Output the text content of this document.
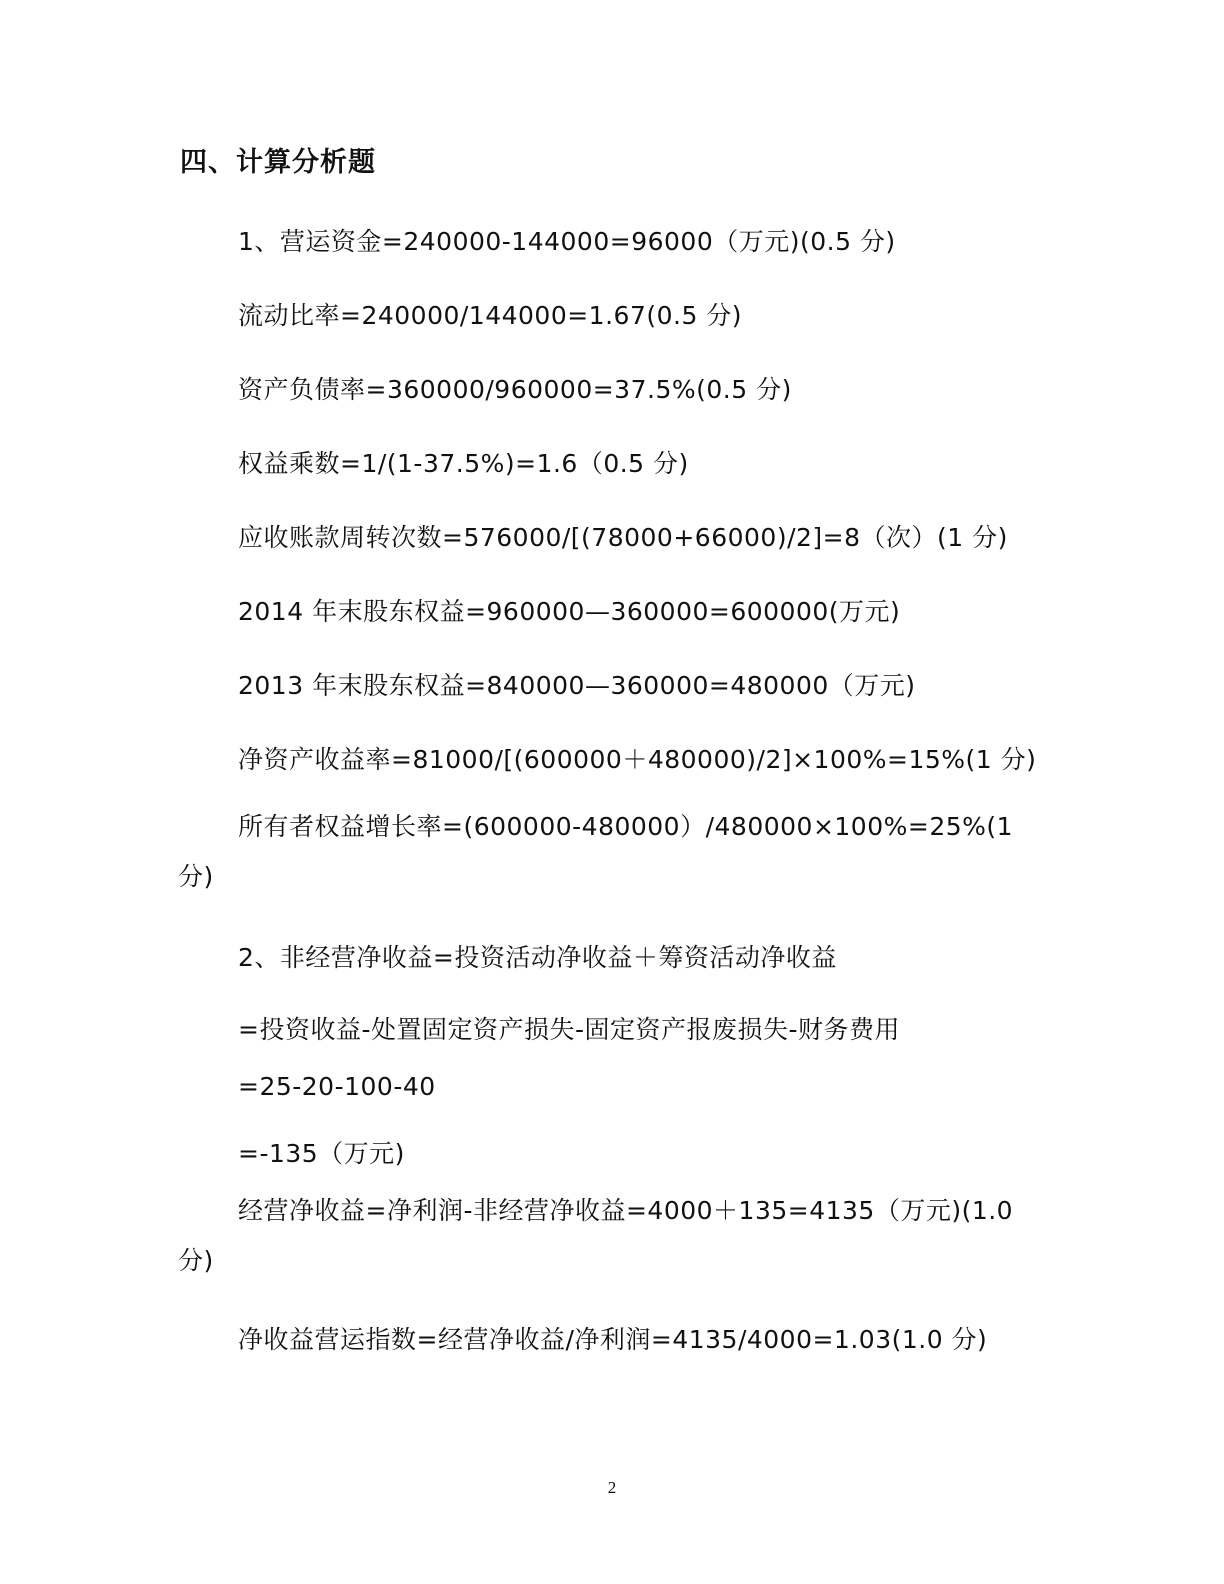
四、计算分析题
1、营运资金=240000-144000=96000（万元)(0.5 分)
流动比率=240000/144000=1.67(0.5 分)
资产负债率=360000/960000=37.5%(0.5 分)
权益乘数=1/(1-37.5%)=1.6（0.5 分)
应收账款周转次数=576000/[(78000+66000)/2]=8（次）(1 分)
2014 年末股东权益=960000—360000=600000(万元)
2013 年末股东权益=840000—360000=480000（万元)
净资产收益率=81000/[(600000＋480000)/2]×100%=15%(1 分)
所有者权益增长率=(600000-480000）/480000×100%=25%(1 分)
2、非经营净收益=投资活动净收益＋筹资活动净收益
=投资收益-处置固定资产损失-固定资产报废损失-财务费用
=25-20-100-40
=-135（万元)
经营净收益=净利润-非经营净收益=4000＋135=4135（万元)(1.0 分)
净收益营运指数=经营净收益/净利润=4135/4000=1.03(1.0 分)
2
